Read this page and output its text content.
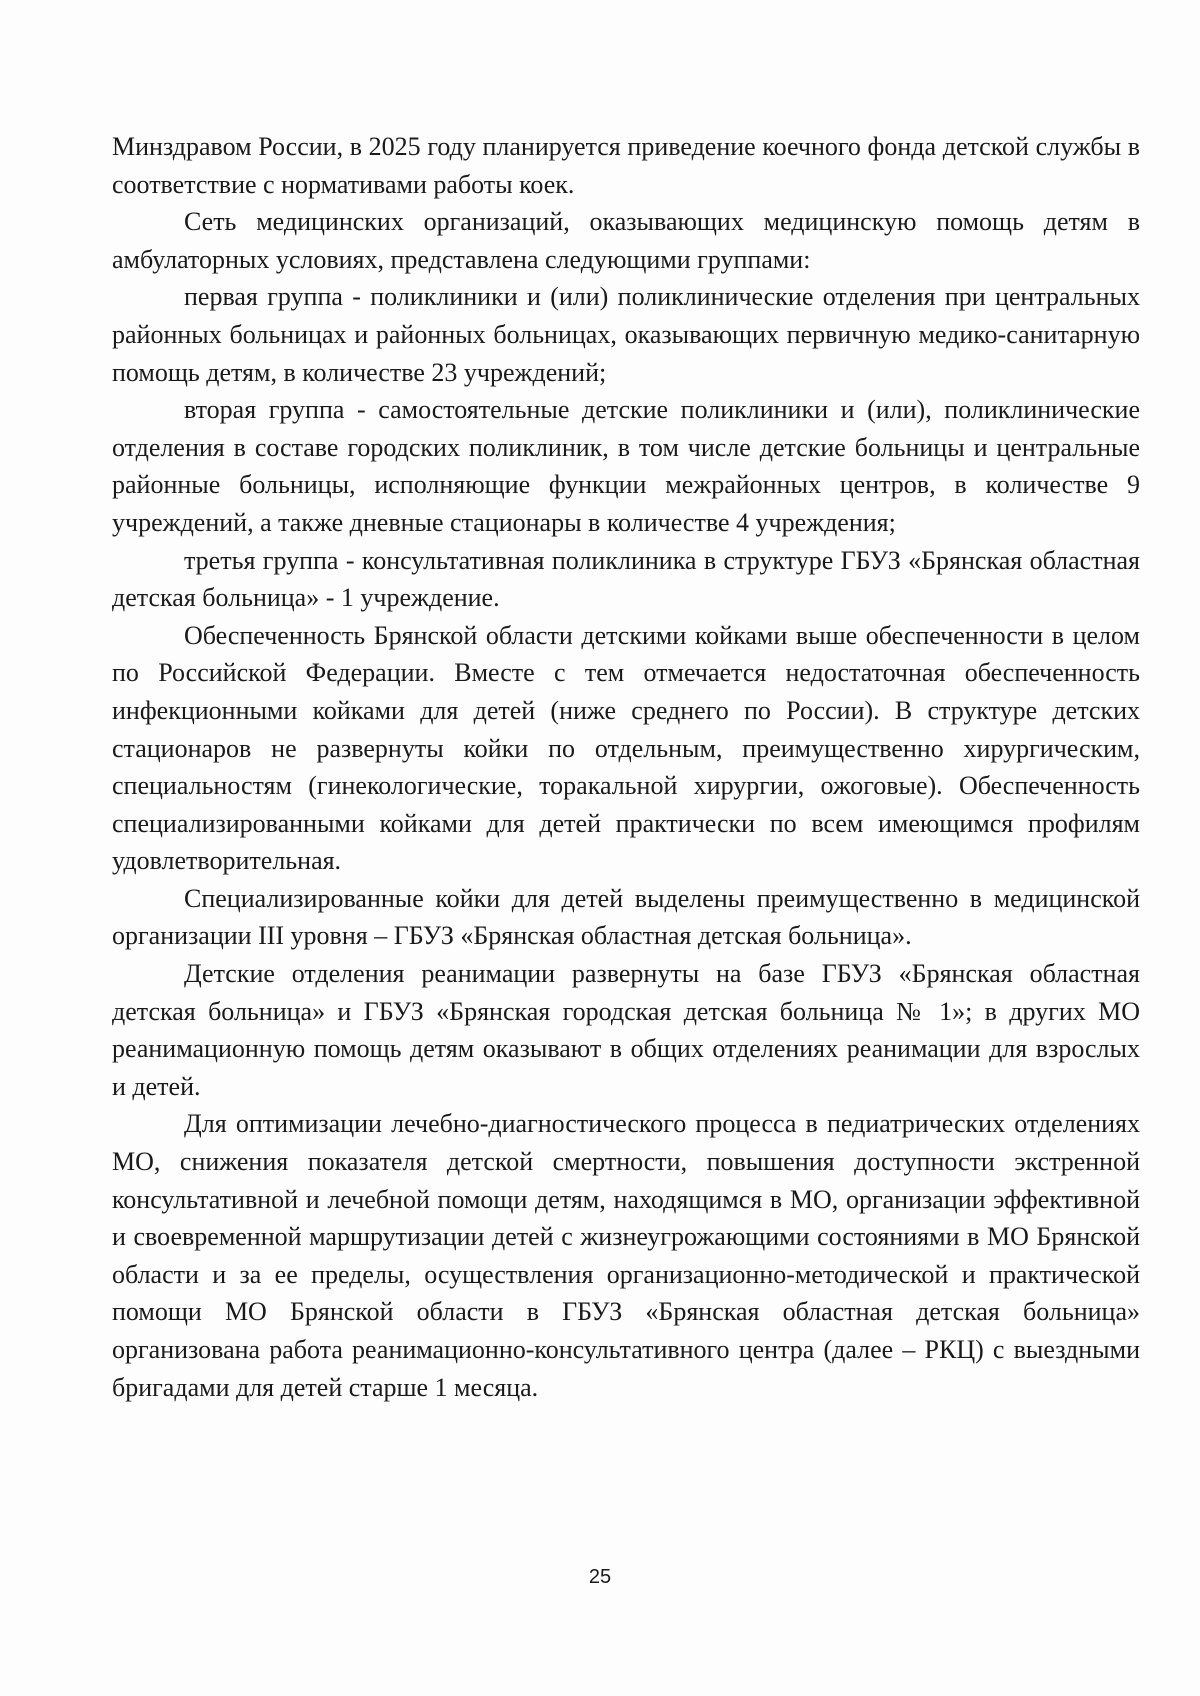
Минздравом России, в 2025 году планируется приведение коечного фонда детской службы в соответствие с нормативами работы коек.

Сеть медицинских организаций, оказывающих медицинскую помощь детям в амбулаторных условиях, представлена следующими группами:

первая группа - поликлиники и (или) поликлинические отделения при центральных районных больницах и районных больницах, оказывающих первичную медико-санитарную помощь детям, в количестве 23 учреждений;

вторая группа - самостоятельные детские поликлиники и (или), поликлинические отделения в составе городских поликлиник, в том числе детские больницы и центральные районные больницы, исполняющие функции межрайонных центров, в количестве 9 учреждений, а также дневные стационары в количестве 4 учреждения;

третья группа - консультативная поликлиника в структуре ГБУЗ «Брянская областная детская больница» - 1 учреждение.

Обеспеченность Брянской области детскими койками выше обеспеченности в целом по Российской Федерации. Вместе с тем отмечается недостаточная обеспеченность инфекционными койками для детей (ниже среднего по России). В структуре детских стационаров не развернуты койки по отдельным, преимущественно хирургическим, специальностям (гинекологические, торакальной хирургии, ожоговые). Обеспеченность специализированными койками для детей практически по всем имеющимся профилям удовлетворительная.

Специализированные койки для детей выделены преимущественно в медицинской организации III уровня – ГБУЗ «Брянская областная детская больница».

Детские отделения реанимации развернуты на базе ГБУЗ «Брянская областная детская больница» и ГБУЗ «Брянская городская детская больница № 1»; в других МО реанимационную помощь детям оказывают в общих отделениях реанимации для взрослых и детей.

Для оптимизации лечебно-диагностического процесса в педиатрических отделениях МО, снижения показателя детской смертности, повышения доступности экстренной консультативной и лечебной помощи детям, находящимся в МО, организации эффективной и своевременной маршрутизации детей с жизнеугрожающими состояниями в МО Брянской области и за ее пределы, осуществления организационно-методической и практической помощи МО Брянской области в ГБУЗ «Брянская областная детская больница» организована работа реанимационно-консультативного центра (далее – РКЦ) с выездными бригадами для детей старше 1 месяца.

25
